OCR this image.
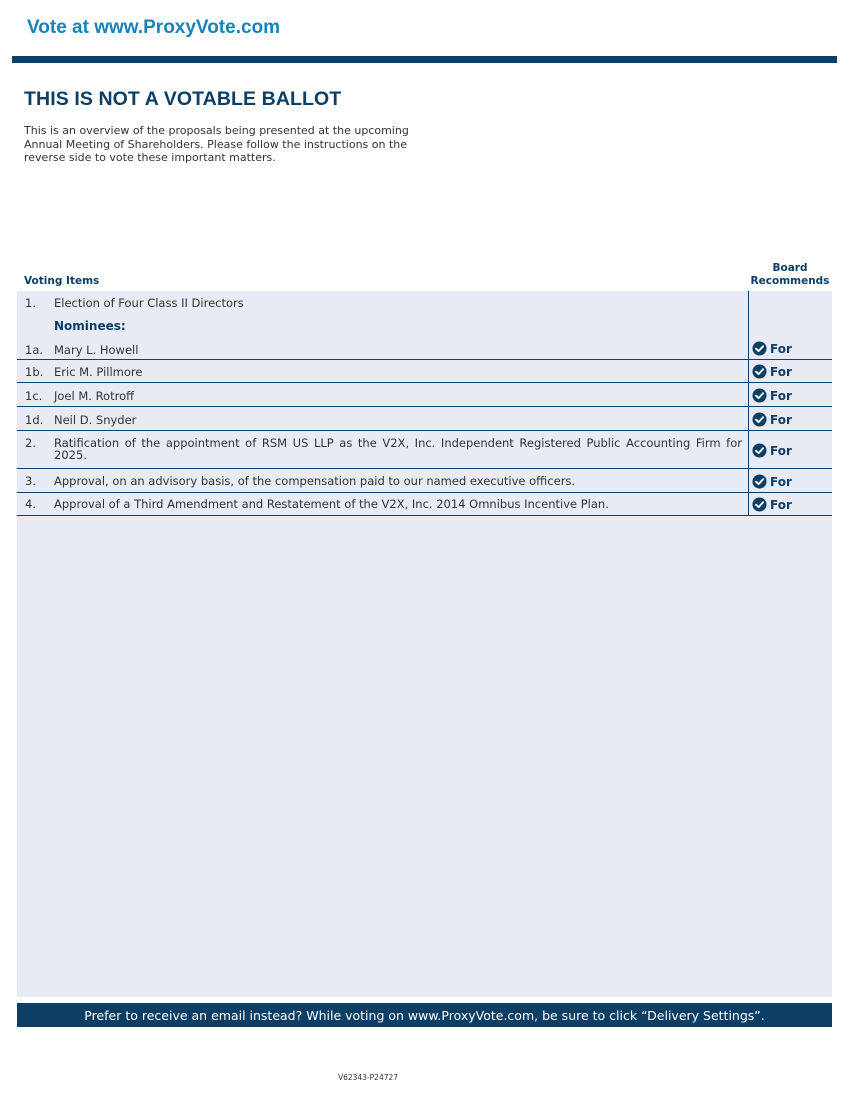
Vote at www.ProxyVote.com
THIS IS NOT A VOTABLE BALLOT
This is an overview of the proposals being presented at the upcoming Annual Meeting of Shareholders. Please follow the instructions on the reverse side to vote these important matters.
Voting Items
Board
Recommends
1. Election of Four Class II Directors
Nominees:
1a. Mary L. Howell	For
1b. Eric M. Pillmore	For
1c. Joel M. Rotroff	For
1d. Neil D. Snyder	For
2. Ratification of the appointment of RSM US LLP as the V2X, Inc. Independent Registered Public Accounting Firm for 2025.	For
3. Approval, on an advisory basis, of the compensation paid to our named executive officers.	For
4. Approval of a Third Amendment and Restatement of the V2X, Inc. 2014 Omnibus Incentive Plan.	For
Prefer to receive an email instead? While voting on www.ProxyVote.com, be sure to click “Delivery Settings”.
V62343-P24727
